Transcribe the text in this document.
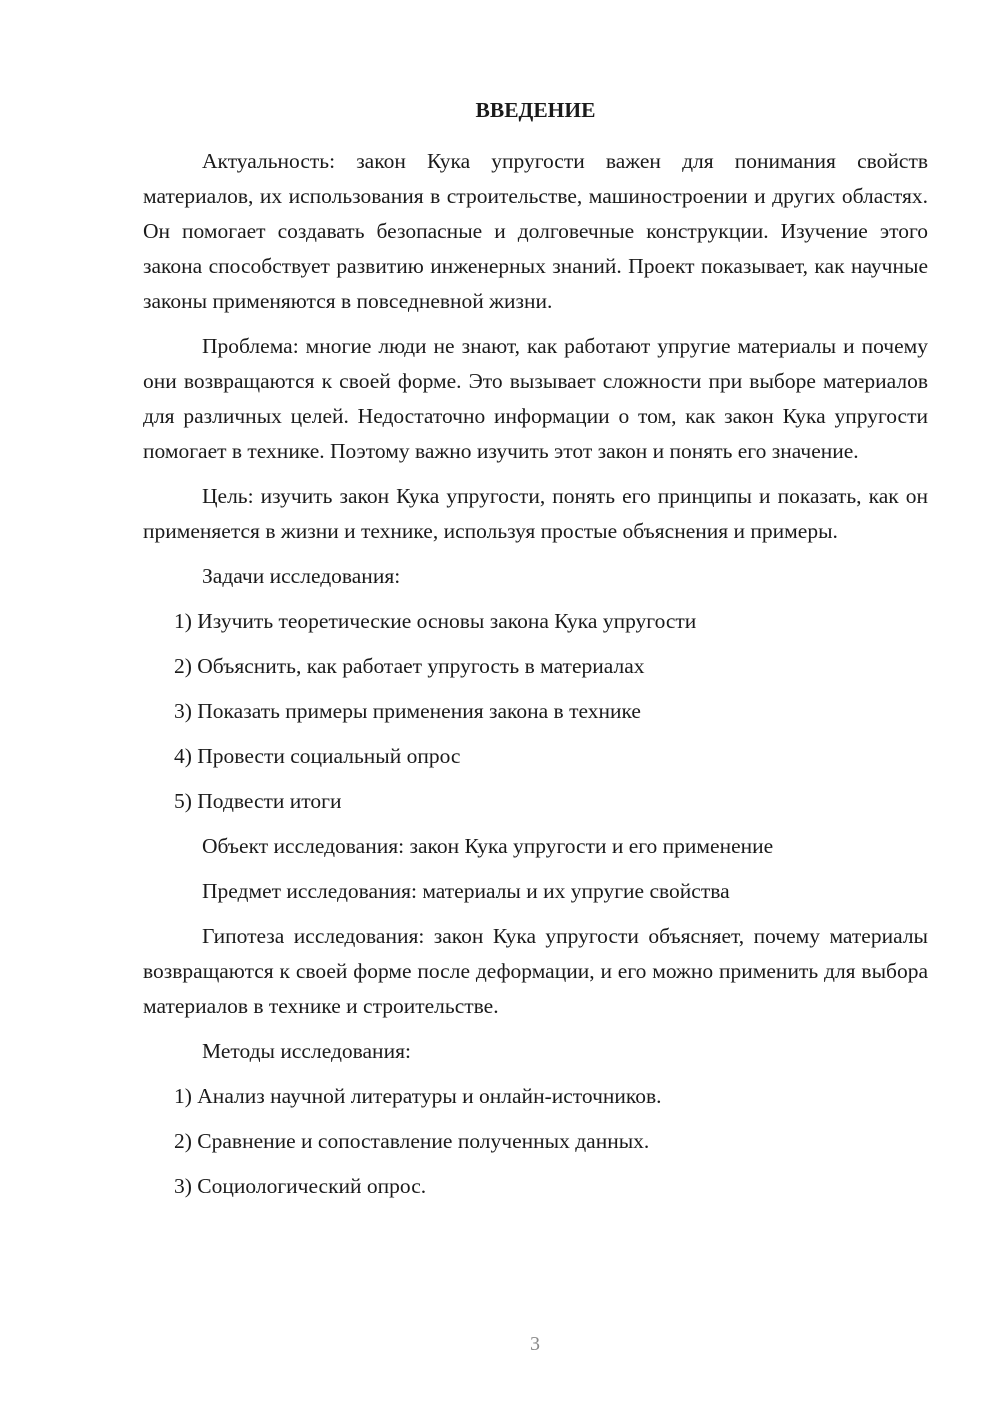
ВВЕДЕНИЕ

Актуальность: закон Кука упругости важен для понимания свойств материалов, их использования в строительстве, машиностроении и других областях. Он помогает создавать безопасные и долговечные конструкции. Изучение этого закона способствует развитию инженерных знаний. Проект показывает, как научные законы применяются в повседневной жизни.

Проблема: многие люди не знают, как работают упругие материалы и почему они возвращаются к своей форме. Это вызывает сложности при выборе материалов для различных целей. Недостаточно информации о том, как закон Кука упругости помогает в технике. Поэтому важно изучить этот закон и понять его значение.

Цель: изучить закон Кука упругости, понять его принципы и показать, как он применяется в жизни и технике, используя простые объяснения и примеры.

Задачи исследования:
1) Изучить теоретические основы закона Кука упругости
2) Объяснить, как работает упругость в материалах
3) Показать примеры применения закона в технике
4) Провести социальный опрос
5) Подвести итоги
Объект исследования: закон Кука упругости и его применение
Предмет исследования: материалы и их упругие свойства

Гипотеза исследования: закон Кука упругости объясняет, почему материалы возвращаются к своей форме после деформации, и его можно применить для выбора материалов в технике и строительстве.

Методы исследования:
1) Анализ научной литературы и онлайн-источников.
2) Сравнение и сопоставление полученных данных.
3) Социологический опрос.
3
